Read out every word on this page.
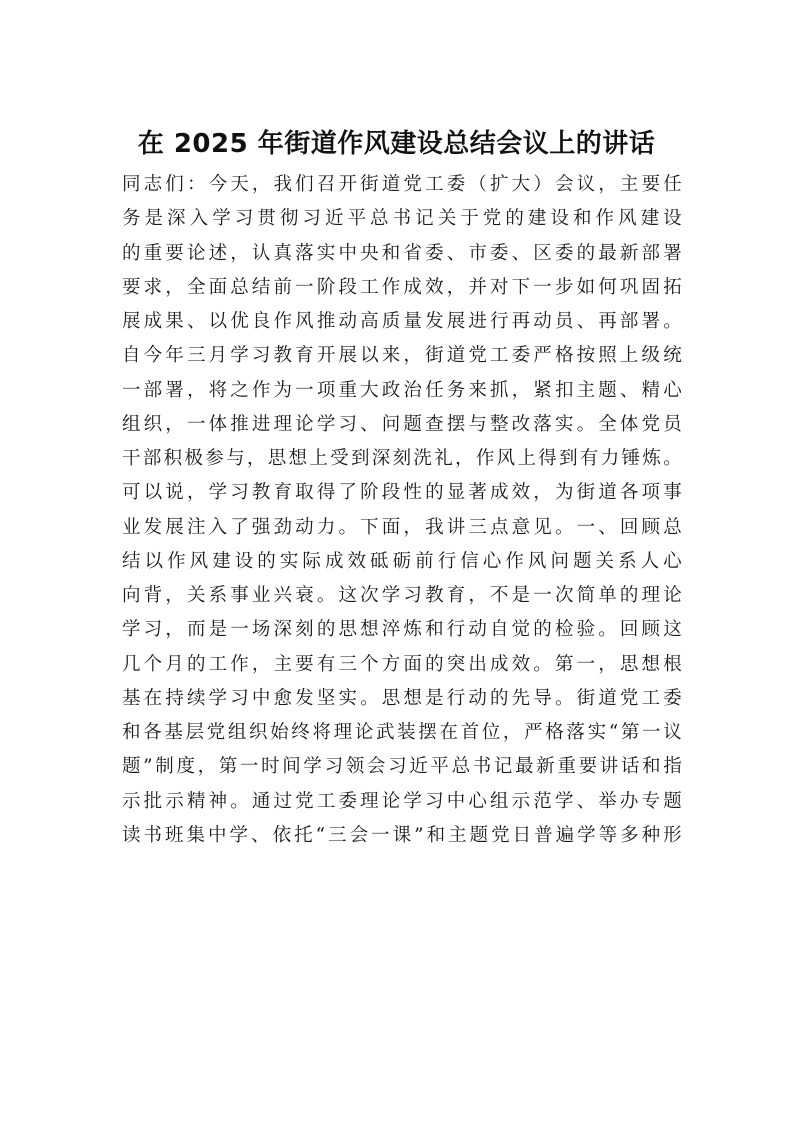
在 2025 年街道作风建设总结会议上的讲话
同志们：今天，我们召开街道党工委（扩大）会议，主要任
务是深入学习贯彻习近平总书记关于党的建设和作风建设
的重要论述，认真落实中央和省委、市委、区委的最新部署
要求，全面总结前一阶段工作成效，并对下一步如何巩固拓
展成果、以优良作风推动高质量发展进行再动员、再部署。
自今年三月学习教育开展以来，街道党工委严格按照上级统
一部署，将之作为一项重大政治任务来抓，紧扣主题、精心
组织，一体推进理论学习、问题查摆与整改落实。全体党员
干部积极参与，思想上受到深刻洗礼，作风上得到有力锤炼。
可以说，学习教育取得了阶段性的显著成效，为街道各项事
业发展注入了强劲动力。下面，我讲三点意见。一、回顾总
结以作风建设的实际成效砥砺前行信心作风问题关系人心
向背，关系事业兴衰。这次学习教育，不是一次简单的理论
学习，而是一场深刻的思想淬炼和行动自觉的检验。回顾这
几个月的工作，主要有三个方面的突出成效。第一，思想根
基在持续学习中愈发坚实。思想是行动的先导。街道党工委
和各基层党组织始终将理论武装摆在首位，严格落实“第一议
题”制度，第一时间学习领会习近平总书记最新重要讲话和指
示批示精神。通过党工委理论学习中心组示范学、举办专题
读书班集中学、依托“三会一课”和主题党日普遍学等多种形
